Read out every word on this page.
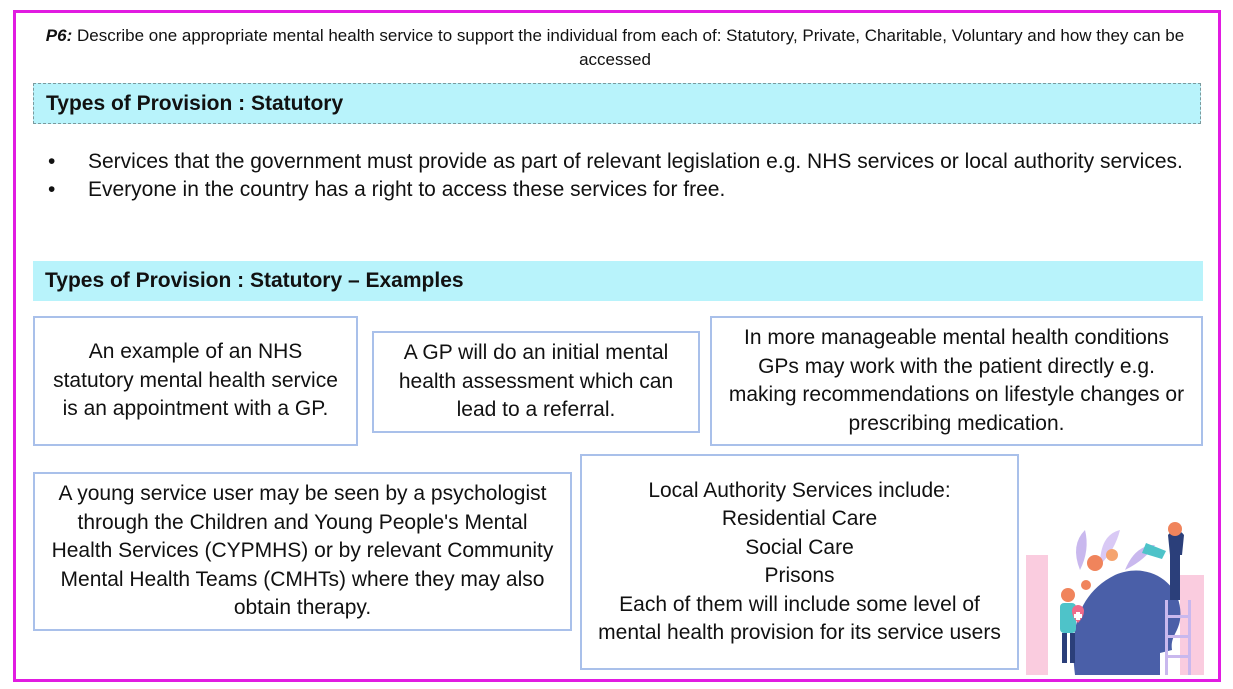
P6: Describe one appropriate mental health service to support the individual from each of: Statutory, Private, Charitable, Voluntary and how they can be accessed
Types of Provision : Statutory
• Services that the government must provide as part of relevant legislation e.g. NHS services or local authority services.
• Everyone in the country has a right to access these services for free.
Types of Provision : Statutory – Examples
An example of an NHS statutory mental health service is an appointment with a GP.
A GP will do an initial mental health assessment which can lead to a referral.
In more manageable mental health conditions GPs may work with the patient directly e.g. making recommendations on lifestyle changes or prescribing medication.
A young service user may be seen by a psychologist through the Children and Young People's Mental Health Services (CYPMHS) or by relevant Community Mental Health Teams (CMHTs) where they may also obtain therapy.
Local Authority Services include:
Residential Care
Social Care
Prisons
Each of them will include some level of mental health provision for its service users
